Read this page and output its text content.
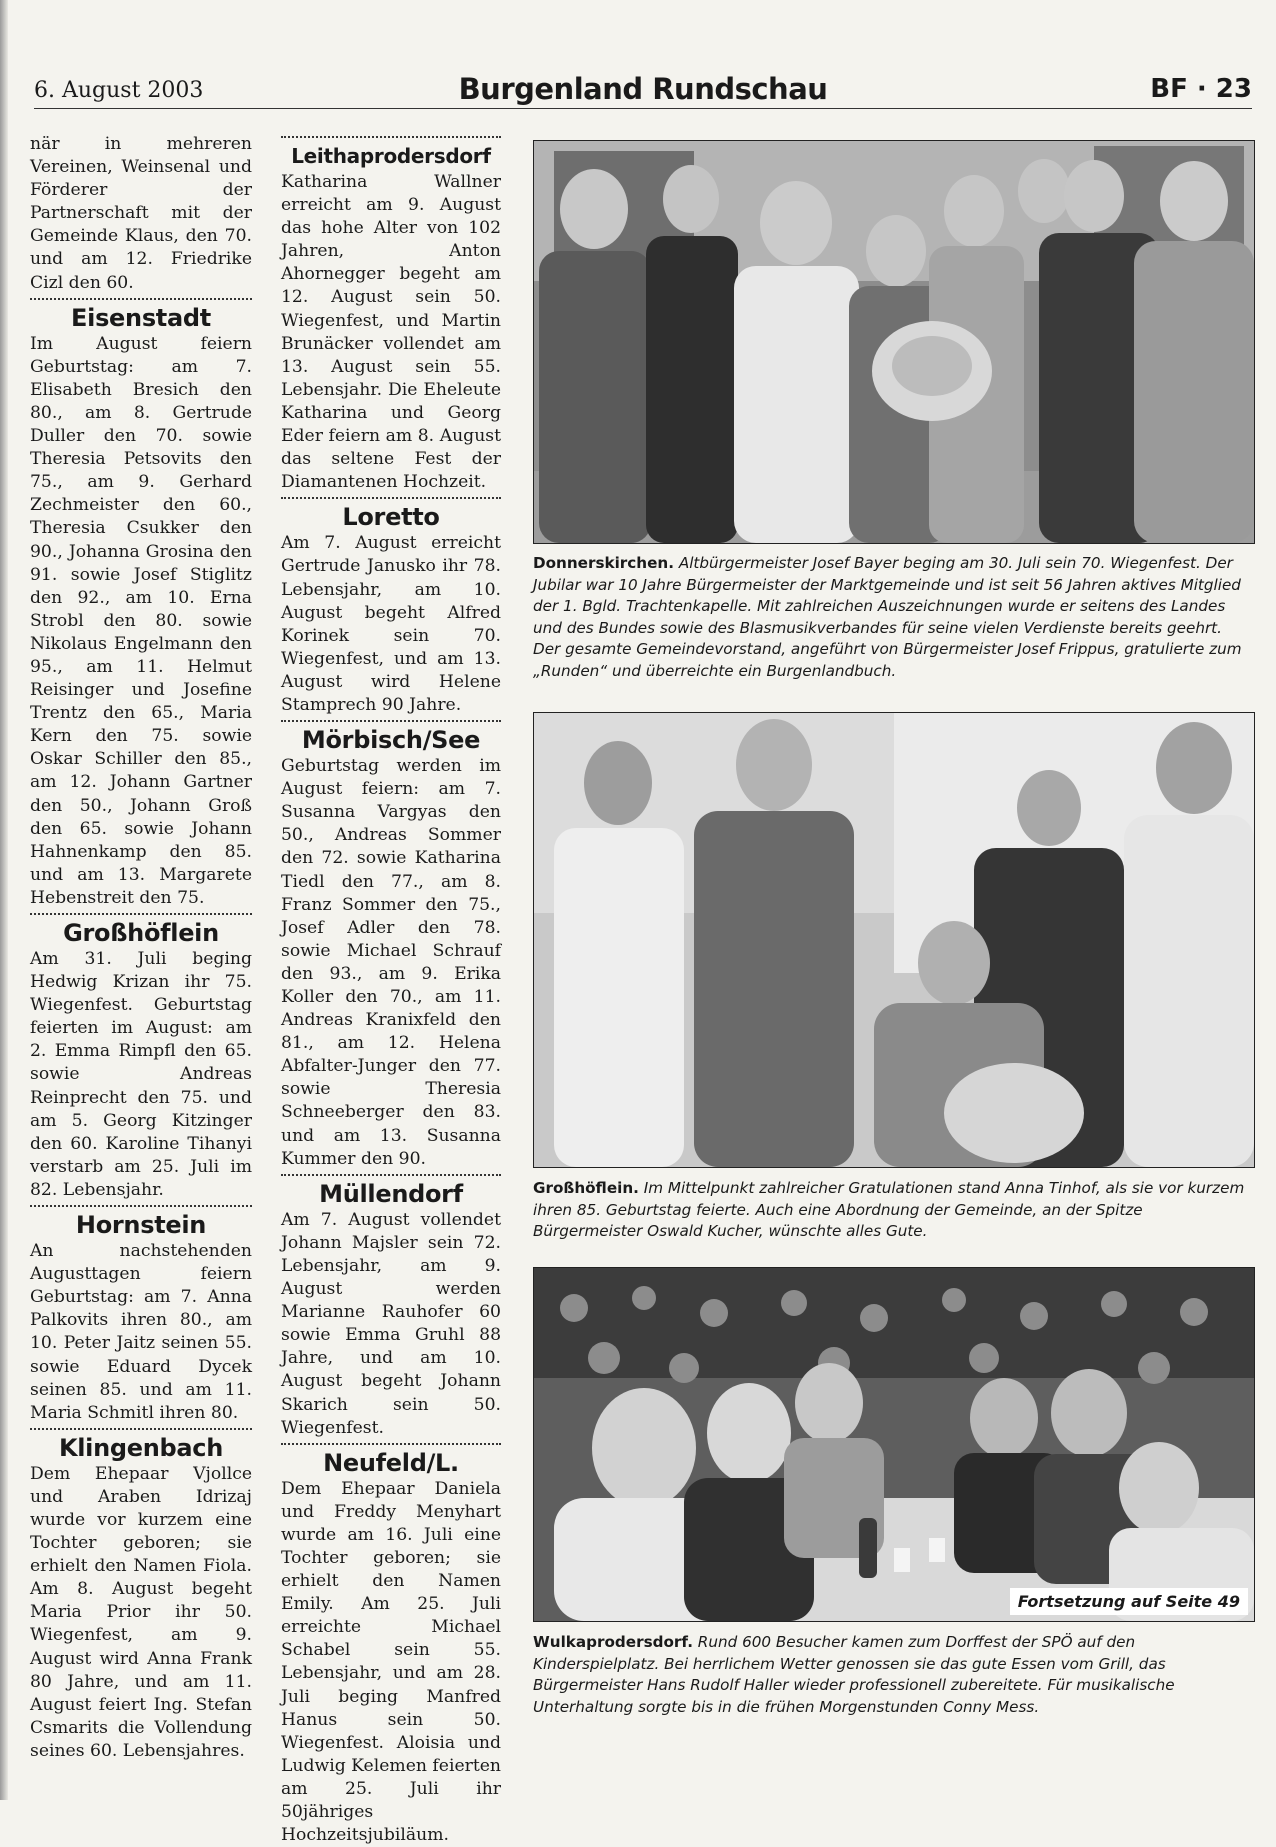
6. August 2003	Burgenland Rundschau	BF · 23

när in mehreren Vereinen, Weinsenal und Förderer der Partnerschaft mit der Gemeinde Klaus, den 70. und am 12. Friedrike Cizl den 60.

Eisenstadt

Im August feiern Geburtstag: am 7. Elisabeth Bresich den 80., am 8. Gertrude Duller den 70. sowie Theresia Petsovits den 75., am 9. Gerhard Zechmeister den 60., Theresia Csukker den 90., Johanna Grosina den 91. sowie Josef Stiglitz den 92., am 10. Erna Strobl den 80. sowie Nikolaus Engelmann den 95., am 11. Helmut Reisinger und Josefine Trentz den 65., Maria Kern den 75. sowie Oskar Schiller den 85., am 12. Johann Gartner den 50., Johann Groß den 65. sowie Johann Hahnenkamp den 85. und am 13. Margarete Hebenstreit den 75.

Großhöflein

Am 31. Juli beging Hedwig Krizan ihr 75. Wiegenfest. Geburtstag feierten im August: am 2. Emma Rimpfl den 65. sowie Andreas Reinprecht den 75. und am 5. Georg Kitzinger den 60. Karoline Tihanyi verstarb am 25. Juli im 82. Lebensjahr.

Hornstein

An nachstehenden Augusttagen feiern Geburtstag: am 7. Anna Palkovits ihren 80., am 10. Peter Jaitz seinen 55. sowie Eduard Dycek seinen 85. und am 11. Maria Schmitl ihren 80.

Klingenbach

Dem Ehepaar Vjollce und Araben Idrizaj wurde vor kurzem eine Tochter geboren; sie erhielt den Namen Fiola. Am 8. August begeht Maria Prior ihr 50. Wiegenfest, am 9. August wird Anna Frank 80 Jahre, und am 11. August feiert Ing. Stefan Csmarits die Vollendung seines 60. Lebensjahres.

Leithaprodersdorf

Katharina Wallner erreicht am 9. August das hohe Alter von 102 Jahren, Anton Ahornegger begeht am 12. August sein 50. Wiegenfest, und Martin Brunäcker vollendet am 13. August sein 55. Lebensjahr. Die Eheleute Katharina und Georg Eder feiern am 8. August das seltene Fest der Diamantenen Hochzeit.

Loretto

Am 7. August erreicht Gertrude Janusko ihr 78. Lebensjahr, am 10. August begeht Alfred Korinek sein 70. Wiegenfest, und am 13. August wird Helene Stamprech 90 Jahre.

Mörbisch/See

Geburtstag werden im August feiern: am 7. Susanna Vargyas den 50., Andreas Sommer den 72. sowie Katharina Tiedl den 77., am 8. Franz Sommer den 75., Josef Adler den 78. sowie Michael Schrauf den 93., am 9. Erika Koller den 70., am 11. Andreas Kranixfeld den 81., am 12. Helena Abfalter-Junger den 77. sowie Theresia Schneeberger den 83. und am 13. Susanna Kummer den 90.

Müllendorf

Am 7. August vollendet Johann Majsler sein 72. Lebensjahr, am 9. August werden Marianne Rauhofer 60 sowie Emma Gruhl 88 Jahre, und am 10. August begeht Johann Skarich sein 50. Wiegenfest.

Neufeld/L.

Dem Ehepaar Daniela und Freddy Menyhart wurde am 16. Juli eine Tochter geboren; sie erhielt den Namen Emily. Am 25. Juli erreichte Michael Schabel sein 55. Lebensjahr, und am 28. Juli beging Manfred Hanus sein 50. Wiegenfest. Aloisia und Ludwig Kelemen feierten am 25. Juli ihr 50jähriges Hochzeitsjubiläum.

Donnerskirchen. Altbürgermeister Josef Bayer beging am 30. Juli sein 70. Wiegenfest. Der Jubilar war 10 Jahre Bürgermeister der Marktgemeinde und ist seit 56 Jahren aktives Mitglied der 1. Bgld. Trachtenkapelle. Mit zahlreichen Auszeichnungen wurde er seitens des Landes und des Bundes sowie des Blasmusikverbandes für seine vielen Verdienste bereits geehrt. Der gesamte Gemeindevorstand, angeführt von Bürgermeister Josef Frippus, gratulierte zum „Runden“ und überreichte ein Burgenlandbuch.
Großhöflein. Im Mittelpunkt zahlreicher Gratulationen stand Anna Tinhof, als sie vor kurzem ihren 85. Geburtstag feierte. Auch eine Abordnung der Gemeinde, an der Spitze Bürgermeister Oswald Kucher, wünschte alles Gute.
Fortsetzung auf Seite 49
Wulkaprodersdorf. Rund 600 Besucher kamen zum Dorffest der SPÖ auf den Kinderspielplatz. Bei herrlichem Wetter genossen sie das gute Essen vom Grill, das Bürgermeister Hans Rudolf Haller wieder professionell zubereitete. Für musikalische Unterhaltung sorgte bis in die frühen Morgenstunden Conny Mess.
